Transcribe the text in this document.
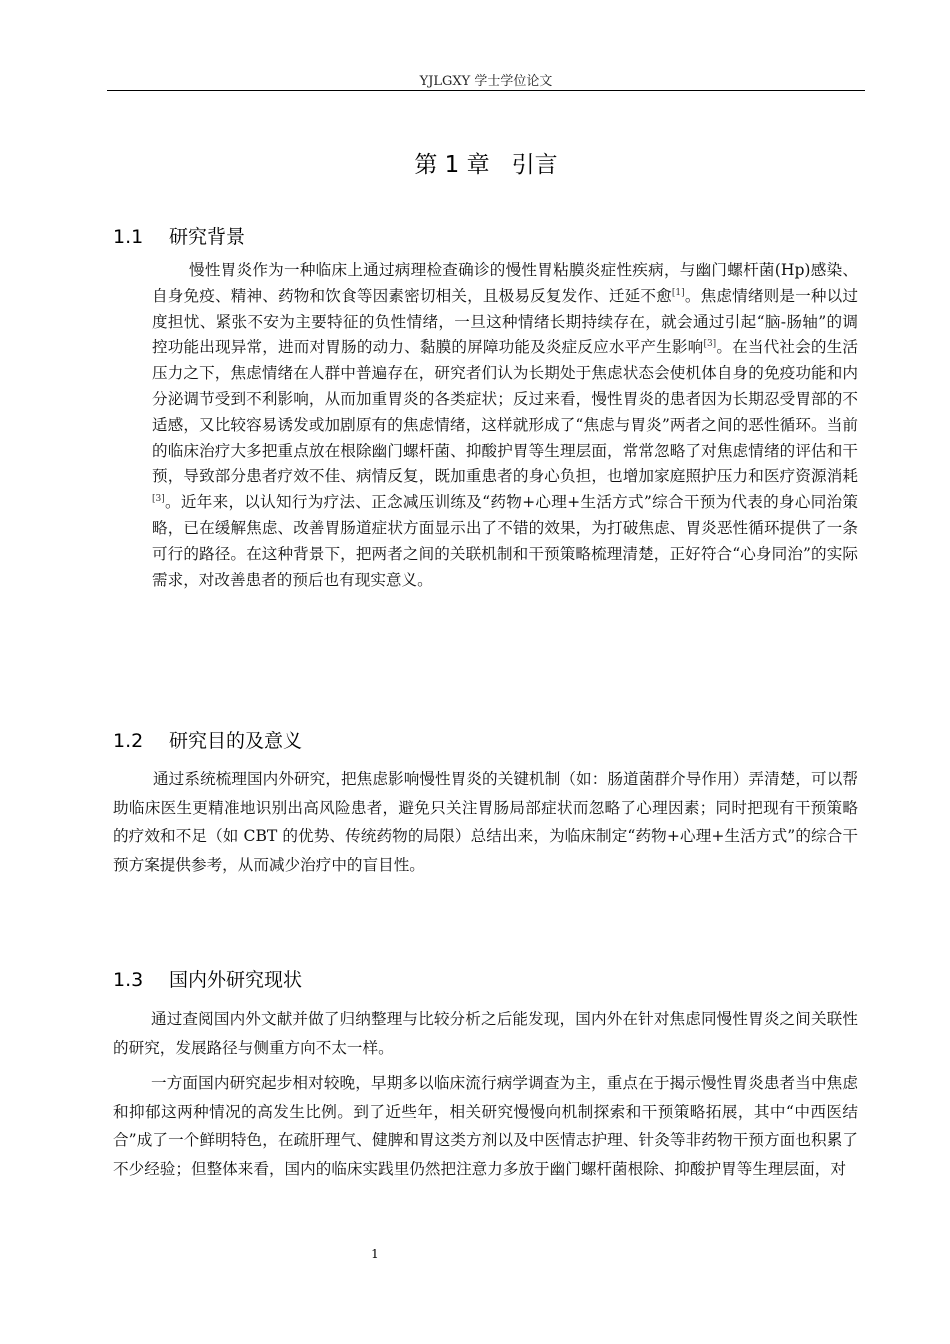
YJLGXY 学士学位论文
第 1 章 引言
1.1 研究背景

慢性胃炎作为一种临床上通过病理检查确诊的慢性胃粘膜炎症性疾病，与幽门螺杆菌(Hp)感染、自身免疫、精神、药物和饮食等因素密切相关，且极易反复发作、迁延不愈[1]。焦虑情绪则是一种以过度担忧、紧张不安为主要特征的负性情绪，一旦这种情绪长期持续存在，就会通过引起“脑-肠轴”的调控功能出现异常，进而对胃肠的动力、黏膜的屏障功能及炎症反应水平产生影响[3]。在当代社会的生活压力之下，焦虑情绪在人群中普遍存在，研究者们认为长期处于焦虑状态会使机体自身的免疫功能和内分泌调节受到不利影响，从而加重胃炎的各类症状；反过来看，慢性胃炎的患者因为长期忍受胃部的不适感，又比较容易诱发或加剧原有的焦虑情绪，这样就形成了“焦虑与胃炎”两者之间的恶性循环。当前的临床治疗大多把重点放在根除幽门螺杆菌、抑酸护胃等生理层面，常常忽略了对焦虑情绪的评估和干预，导致部分患者疗效不佳、病情反复，既加重患者的身心负担，也增加家庭照护压力和医疗资源消耗[3]。近年来，以认知行为疗法、正念减压训练及“药物+心理+生活方式”综合干预为代表的身心同治策略，已在缓解焦虑、改善胃肠道症状方面显示出了不错的效果，为打破焦虑、胃炎恶性循环提供了一条可行的路径。在这种背景下，把两者之间的关联机制和干预策略梳理清楚，正好符合“心身同治”的实际需求，对改善患者的预后也有现实意义。

1.2 研究目的及意义

通过系统梳理国内外研究，把焦虑影响慢性胃炎的关键机制（如：肠道菌群介导作用）弄清楚，可以帮助临床医生更精准地识别出高风险患者，避免只关注胃肠局部症状而忽略了心理因素；同时把现有干预策略的疗效和不足（如 CBT 的优势、传统药物的局限）总结出来，为临床制定“药物+心理+生活方式”的综合干预方案提供参考，从而减少治疗中的盲目性。

1.3 国内外研究现状

通过查阅国内外文献并做了归纳整理与比较分析之后能发现，国内外在针对焦虑同慢性胃炎之间关联性的研究，发展路径与侧重方向不太一样。

一方面国内研究起步相对较晚，早期多以临床流行病学调查为主，重点在于揭示慢性胃炎患者当中焦虑和抑郁这两种情况的高发生比例。到了近些年，相关研究慢慢向机制探索和干预策略拓展，其中“中西医结合”成了一个鲜明特色，在疏肝理气、健脾和胃这类方剂以及中医情志护理、针灸等非药物干预方面也积累了不少经验；但整体来看，国内的临床实践里仍然把注意力多放于幽门螺杆菌根除、抑酸护胃等生理层面，对

1
